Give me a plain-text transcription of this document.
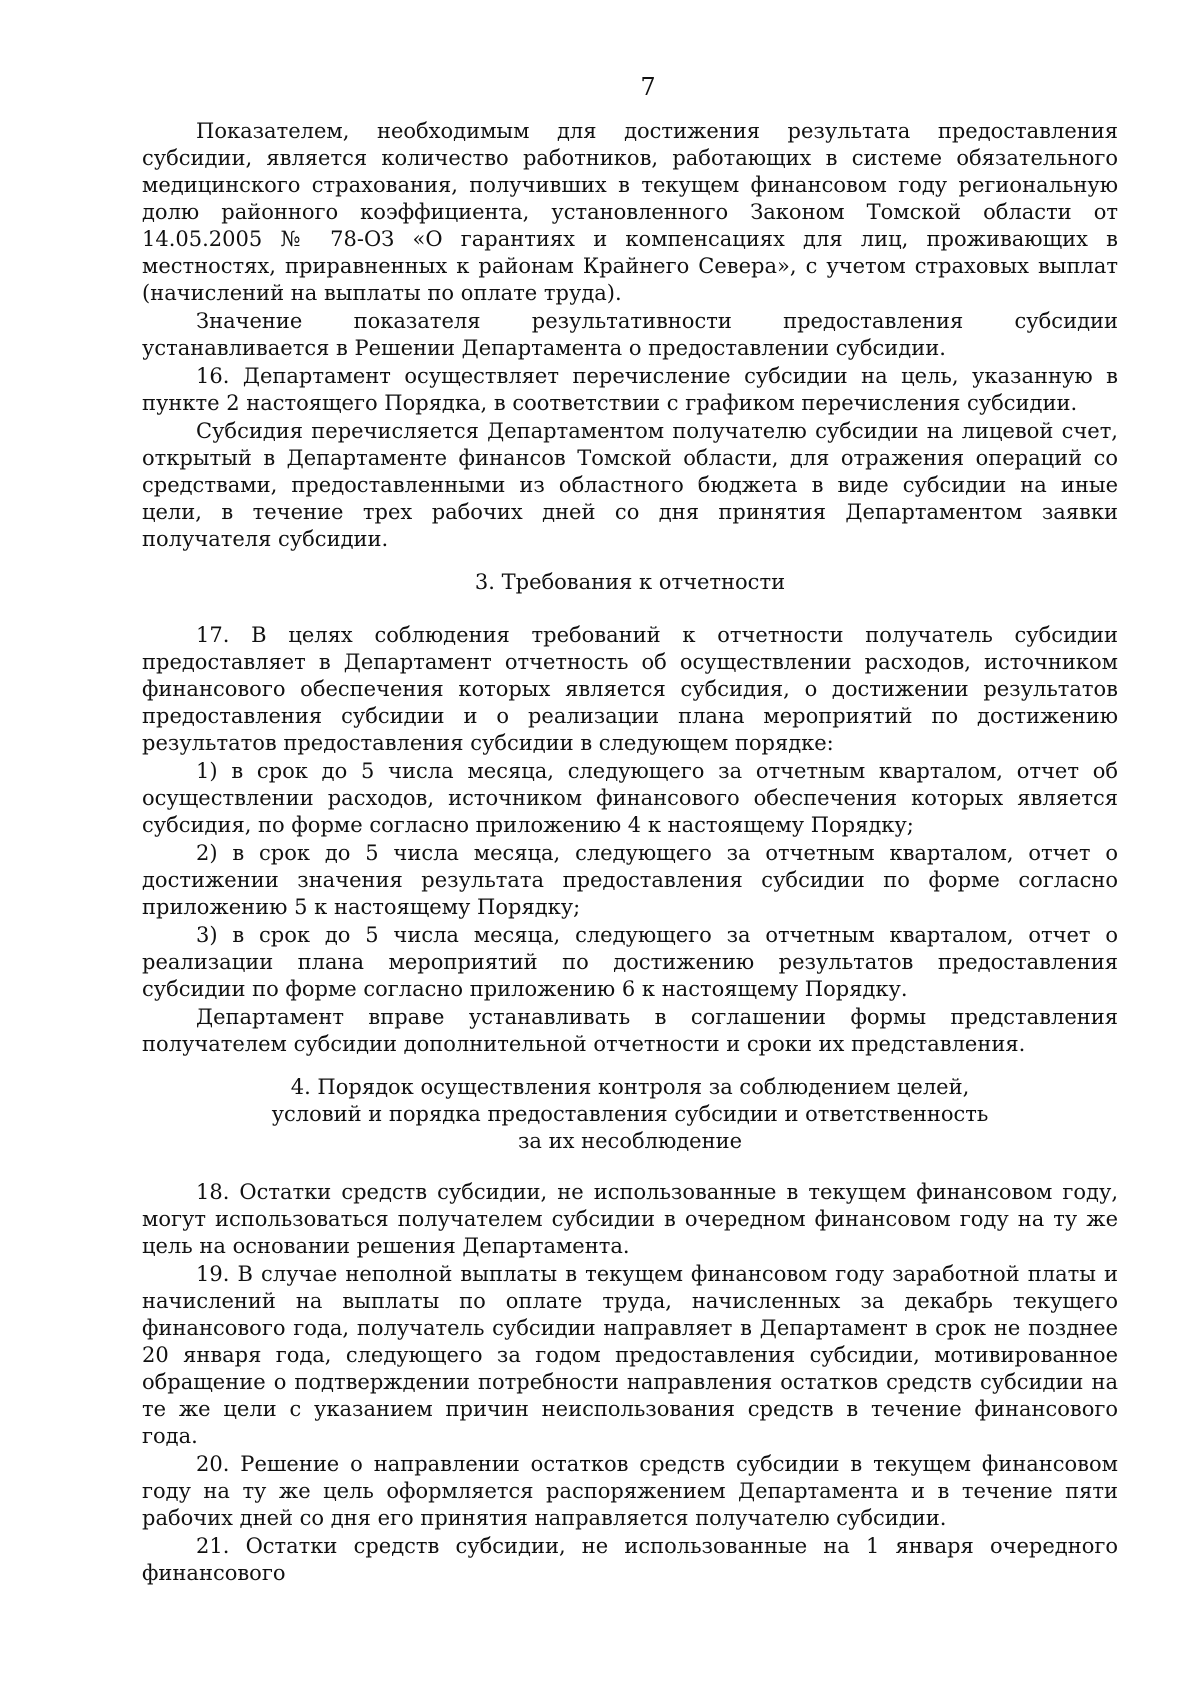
7

Показателем, необходимым для достижения результата предоставления субсидии, является количество работников, работающих в системе обязательного медицинского страхования, получивших в текущем финансовом году региональную долю районного коэффициента, установленного Законом Томской области от 14.05.2005 № 78-ОЗ «О гарантиях и компенсациях для лиц, проживающих в местностях, приравненных к районам Крайнего Севера», с учетом страховых выплат (начислений на выплаты по оплате труда).

Значение показателя результативности предоставления субсидии устанавливается в Решении Департамента о предоставлении субсидии.

16. Департамент осуществляет перечисление субсидии на цель, указанную в пункте 2 настоящего Порядка, в соответствии с графиком перечисления субсидии.

Субсидия перечисляется Департаментом получателю субсидии на лицевой счет, открытый в Департаменте финансов Томской области, для отражения операций со средствами, предоставленными из областного бюджета в виде субсидии на иные цели, в течение трех рабочих дней со дня принятия Департаментом заявки получателя субсидии.

3. Требования к отчетности

17. В целях соблюдения требований к отчетности получатель субсидии предоставляет в Департамент отчетность об осуществлении расходов, источником финансового обеспечения которых является субсидия, о достижении результатов предоставления субсидии и о реализации плана мероприятий по достижению результатов предоставления субсидии в следующем порядке:

1) в срок до 5 числа месяца, следующего за отчетным кварталом, отчет об осуществлении расходов, источником финансового обеспечения которых является субсидия, по форме согласно приложению 4 к настоящему Порядку;

2) в срок до 5 числа месяца, следующего за отчетным кварталом, отчет о достижении значения результата предоставления субсидии по форме согласно приложению 5 к настоящему Порядку;

3) в срок до 5 числа месяца, следующего за отчетным кварталом, отчет о реализации плана мероприятий по достижению результатов предоставления субсидии по форме согласно приложению 6 к настоящему Порядку.

Департамент вправе устанавливать в соглашении формы представления получателем субсидии дополнительной отчетности и сроки их представления.

4. Порядок осуществления контроля за соблюдением целей,
условий и порядка предоставления субсидии и ответственность
за их несоблюдение

18. Остатки средств субсидии, не использованные в текущем финансовом году, могут использоваться получателем субсидии в очередном финансовом году на ту же цель на основании решения Департамента.

19. В случае неполной выплаты в текущем финансовом году заработной платы и начислений на выплаты по оплате труда, начисленных за декабрь текущего финансового года, получатель субсидии направляет в Департамент в срок не позднее 20 января года, следующего за годом предоставления субсидии, мотивированное обращение о подтверждении потребности направления остатков средств субсидии на те же цели с указанием причин неиспользования средств в течение финансового года.

20. Решение о направлении остатков средств субсидии в текущем финансовом году на ту же цель оформляется распоряжением Департамента и в течение пяти рабочих дней со дня его принятия направляется получателю субсидии.

21. Остатки средств субсидии, не использованные на 1 января очередного финансового
